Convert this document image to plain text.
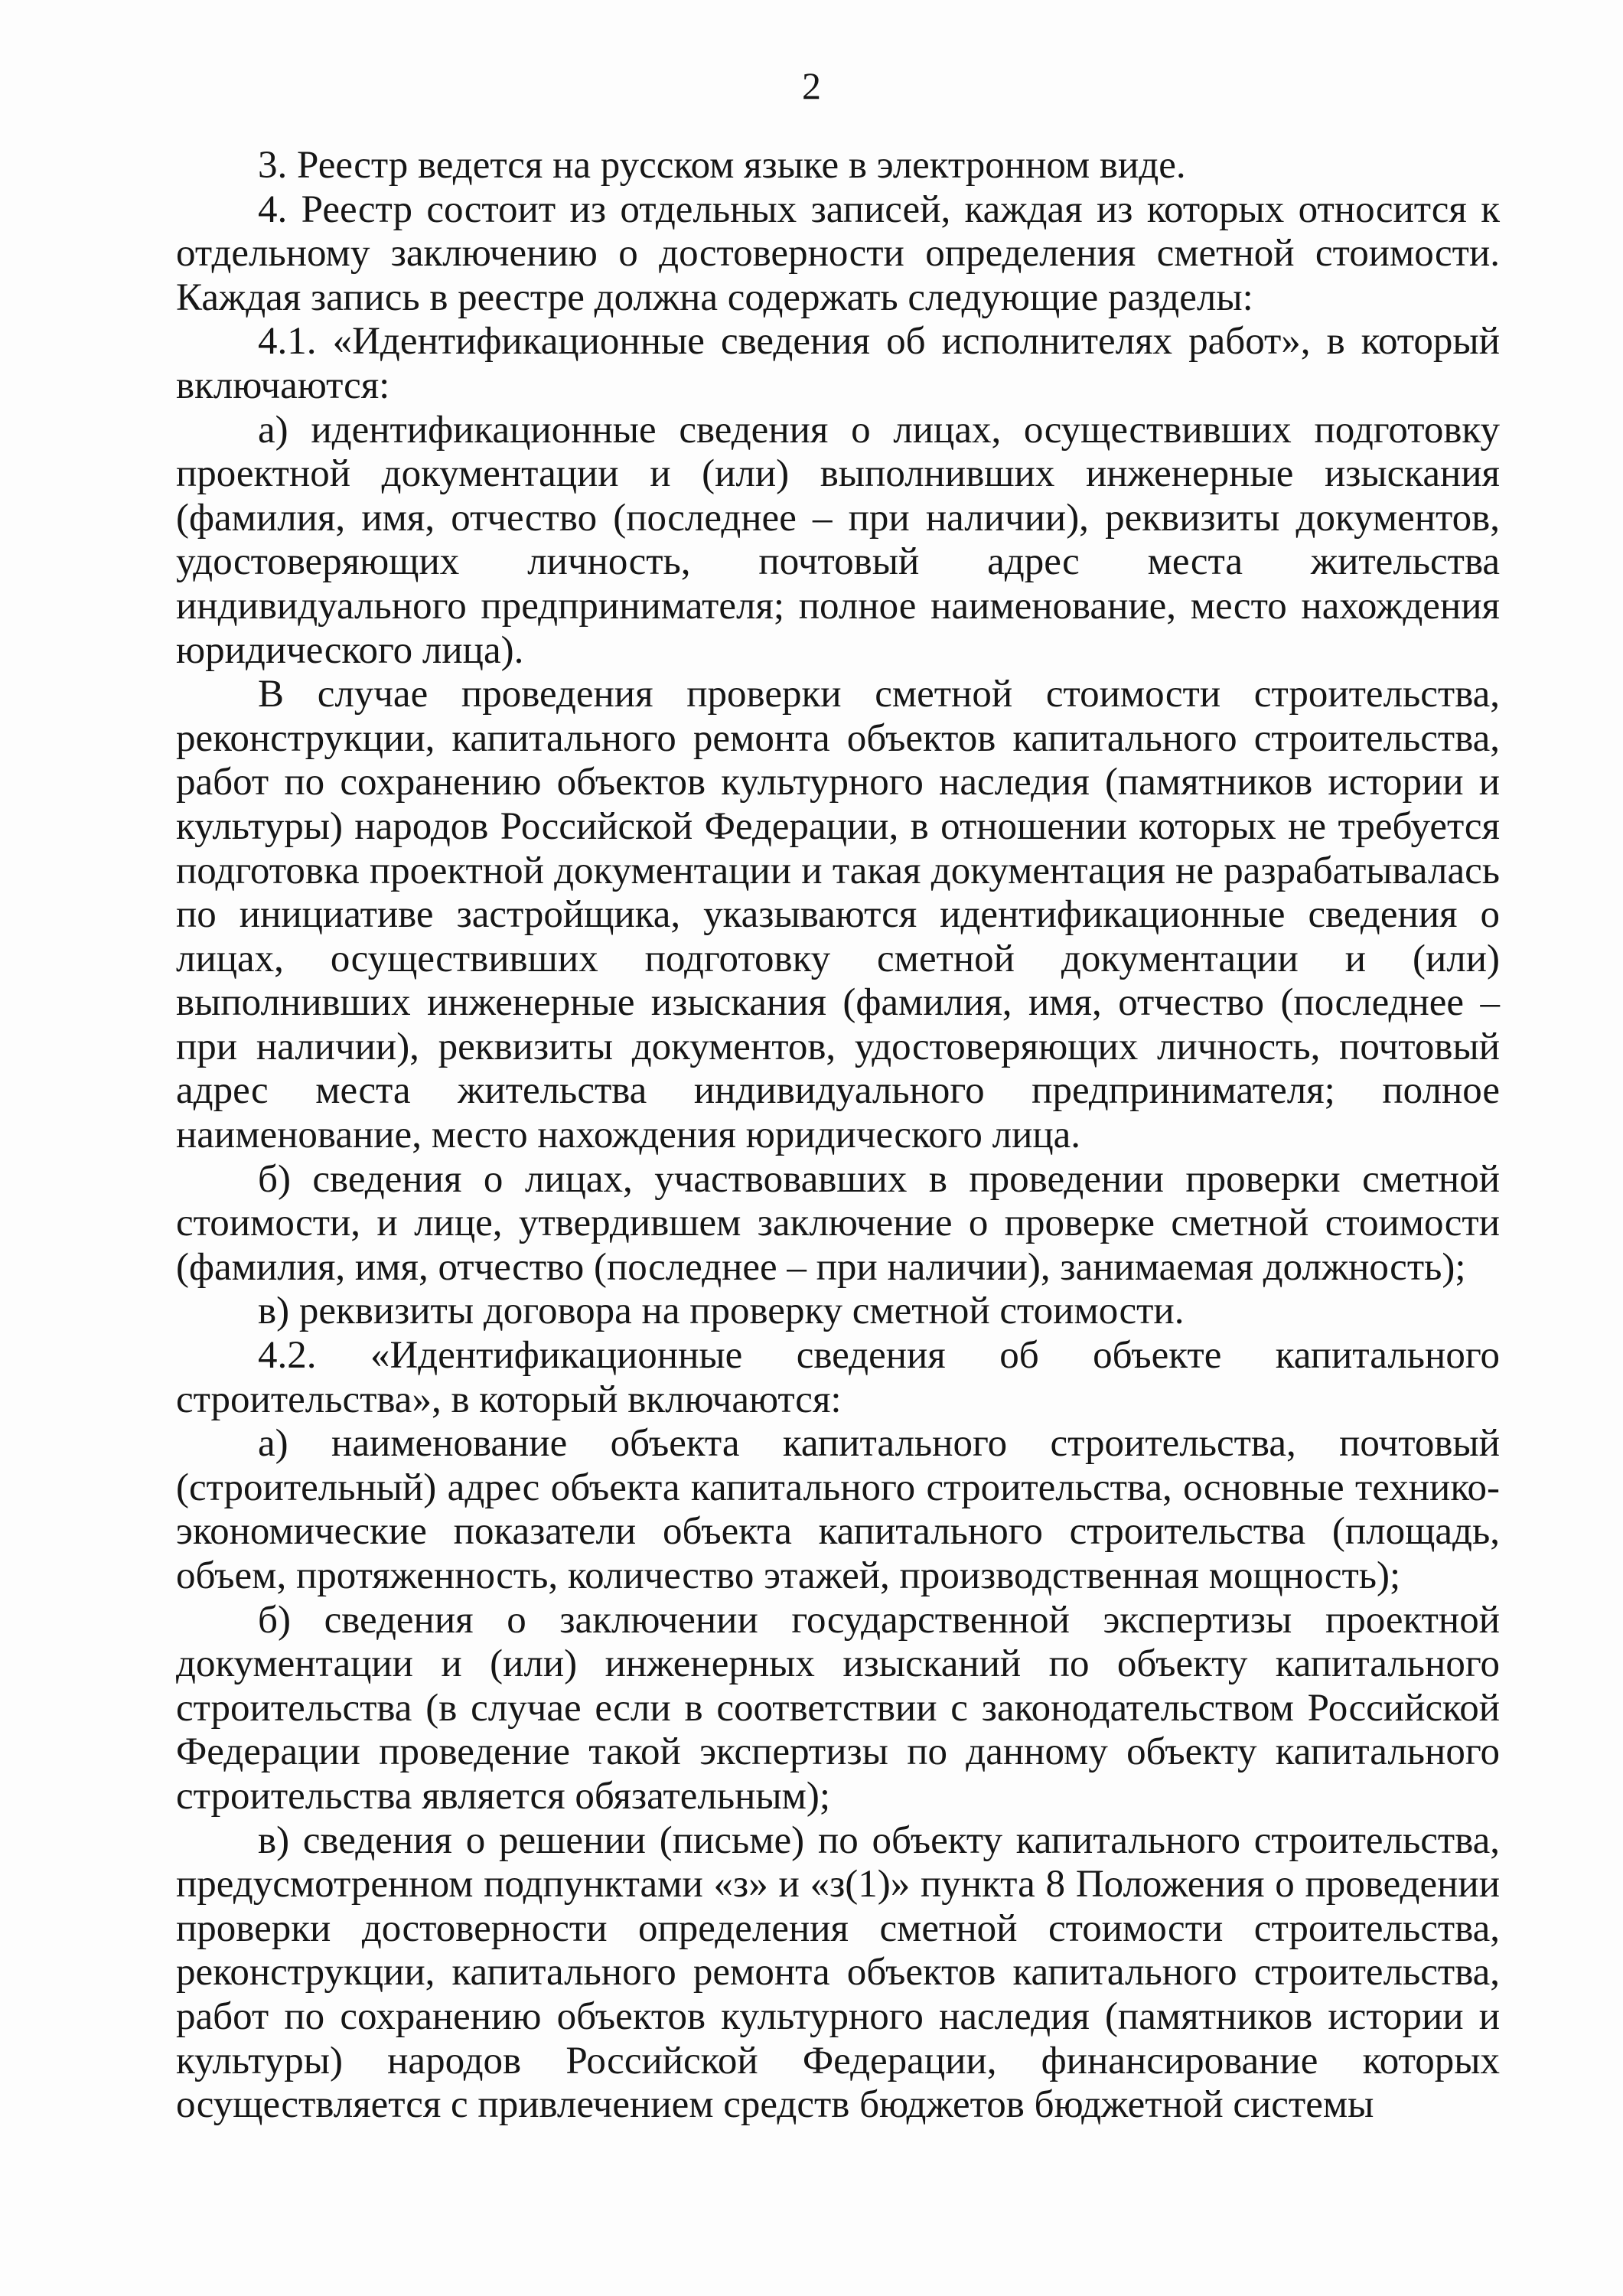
2

3. Реестр ведется на русском языке в электронном виде.

4. Реестр состоит из отдельных записей, каждая из которых относится к отдельному заключению о достоверности определения сметной стоимости. Каждая запись в реестре должна содержать следующие разделы:

4.1. «Идентификационные сведения об исполнителях работ», в который включаются:

а) идентификационные сведения о лицах, осуществивших подготовку проектной документации и (или) выполнивших инженерные изыскания (фамилия, имя, отчество (последнее – при наличии), реквизиты документов, удостоверяющих личность, почтовый адрес места жительства индивидуального предпринимателя; полное наименование, место нахождения юридического лица).

В случае проведения проверки сметной стоимости строительства, реконструкции, капитального ремонта объектов капитального строительства, работ по сохранению объектов культурного наследия (памятников истории и культуры) народов Российской Федерации, в отношении которых не требуется подготовка проектной документации и такая документация не разрабатывалась по инициативе застройщика, указываются идентификационные сведения о лицах, осуществивших подготовку сметной документации и (или) выполнивших инженерные изыскания (фамилия, имя, отчество (последнее – при наличии), реквизиты документов, удостоверяющих личность, почтовый адрес места жительства индивидуального предпринимателя; полное наименование, место нахождения юридического лица.

б) сведения о лицах, участвовавших в проведении проверки сметной стоимости, и лице, утвердившем заключение о проверке сметной стоимости (фамилия, имя, отчество (последнее – при наличии), занимаемая должность);

в) реквизиты договора на проверку сметной стоимости.

4.2. «Идентификационные сведения об объекте капитального строительства», в который включаются:

а) наименование объекта капитального строительства, почтовый (строительный) адрес объекта капитального строительства, основные технико-экономические показатели объекта капитального строительства (площадь, объем, протяженность, количество этажей, производственная мощность);

б) сведения о заключении государственной экспертизы проектной документации и (или) инженерных изысканий по объекту капитального строительства (в случае если в соответствии с законодательством Российской Федерации проведение такой экспертизы по данному объекту капитального строительства является обязательным);

в) сведения о решении (письме) по объекту капитального строительства, предусмотренном подпунктами «з» и «з(1)» пункта 8 Положения о проведении проверки достоверности определения сметной стоимости строительства, реконструкции, капитального ремонта объектов капитального строительства, работ по сохранению объектов культурного наследия (памятников истории и культуры) народов Российской Федерации, финансирование которых осуществляется с привлечением средств бюджетов бюджетной системы
